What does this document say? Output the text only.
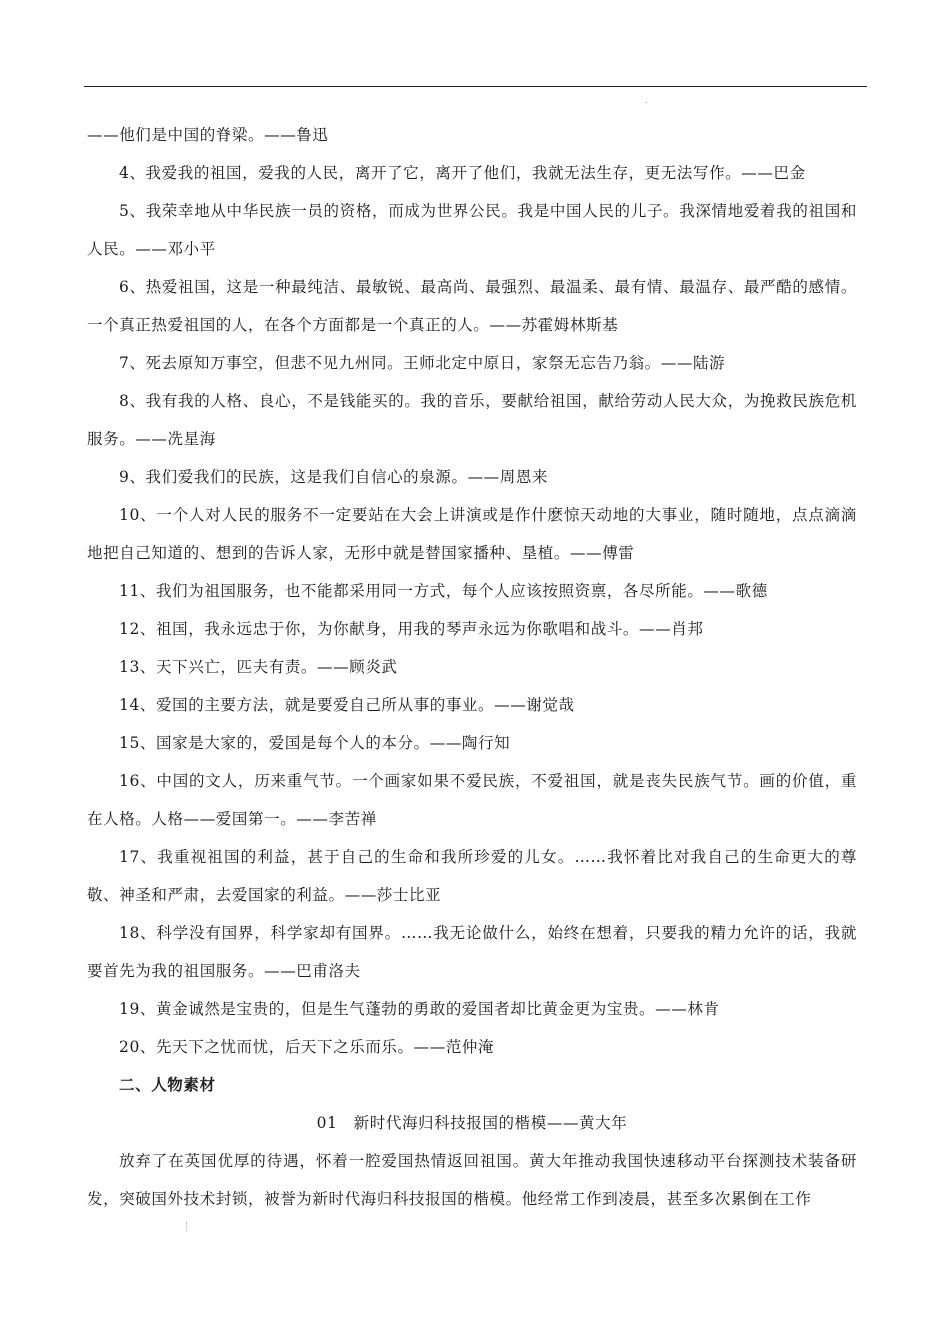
.

——他们是中国的脊梁。——鲁迅

4、我爱我的祖国，爱我的人民，离开了它，离开了他们，我就无法生存，更无法写作。——巴金

5、我荣幸地从中华民族一员的资格，而成为世界公民。我是中国人民的儿子。我深情地爱着我的祖国和人民。——邓小平

6、热爱祖国，这是一种最纯洁、最敏锐、最高尚、最强烈、最温柔、最有情、最温存、最严酷的感情。一个真正热爱祖国的人，在各个方面都是一个真正的人。——苏霍姆林斯基

7、死去原知万事空，但悲不见九州同。王师北定中原日，家祭无忘告乃翁。——陆游

8、我有我的人格、良心，不是钱能买的。我的音乐，要献给祖国，献给劳动人民大众，为挽救民族危机服务。——冼星海

9、我们爱我们的民族，这是我们自信心的泉源。——周恩来

10、一个人对人民的服务不一定要站在大会上讲演或是作什麽惊天动地的大事业，随时随地，点点滴滴地把自己知道的、想到的告诉人家，无形中就是替国家播种、垦植。——傅雷

11、我们为祖国服务，也不能都采用同一方式，每个人应该按照资禀，各尽所能。——歌德

12、祖国，我永远忠于你，为你献身，用我的琴声永远为你歌唱和战斗。——肖邦

13、天下兴亡，匹夫有责。——顾炎武

14、爱国的主要方法，就是要爱自己所从事的事业。——谢觉哉

15、国家是大家的，爱国是每个人的本分。——陶行知

16、中国的文人，历来重气节。一个画家如果不爱民族，不爱祖国，就是丧失民族气节。画的价值，重在人格。人格——爱国第一。——李苦禅

17、我重视祖国的利益，甚于自己的生命和我所珍爱的儿女。……我怀着比对我自己的生命更大的尊敬、神圣和严肃，去爱国家的利益。——莎士比亚

18、科学没有国界，科学家却有国界。……我无论做什么，始终在想着，只要我的精力允许的话，我就要首先为我的祖国服务。——巴甫洛夫

19、黄金诚然是宝贵的，但是生气蓬勃的勇敢的爱国者却比黄金更为宝贵。——林肯

20、先天下之忧而忧，后天下之乐而乐。——范仲淹

二、人物素材

01　新时代海归科技报国的楷模——黄大年

放弃了在英国优厚的待遇，怀着一腔爱国热情返回祖国。黄大年推动我国快速移动平台探测技术装备研发，突破国外技术封锁，被誉为新时代海归科技报国的楷模。他经常工作到凌晨，甚至多次累倒在工作
